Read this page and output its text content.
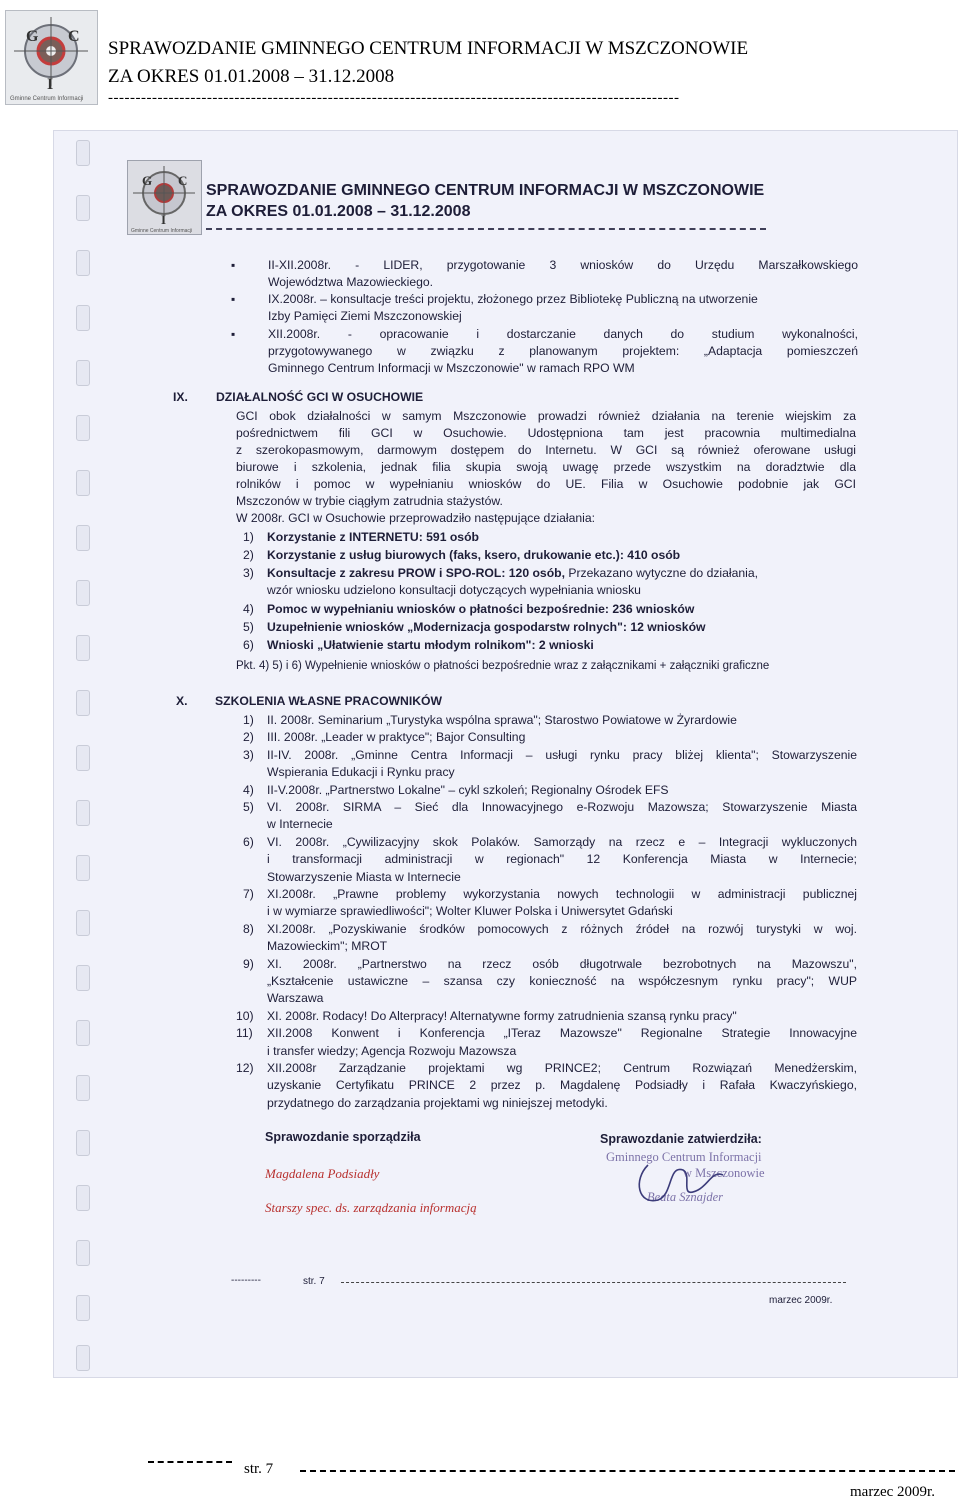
G C
I
Gminne Centrum Informacji
SPRAWOZDANIE GMINNEGO CENTRUM INFORMACJI W MSZCZONOWIE
ZA OKRES 01.01.2008 – 31.12.2008
--------------------------------------------------------------------------------------------------------
G C
I
Gminne Centrum Informacji
SPRAWOZDANIE GMINNEGO CENTRUM INFORMACJI W MSZCZONOWIE
ZA OKRES 01.01.2008 – 31.12.2008
▪	II-XII.2008r. - LIDER, przygotowanie 3 wniosków do Urzędu Marszałkowskiego
Województwa Mazowieckiego.
▪	IX.2008r. – konsultacje treści projektu, złożonego przez Bibliotekę Publiczną na utworzenie
Izby Pamięci Ziemi Mszczonowskiej
▪	XII.2008r. - opracowanie i dostarczanie danych do studium wykonalności,
przygotowywanego w związku z planowanym projektem: „Adaptacja pomieszczeń
Gminnego Centrum Informacji w Mszczonowie" w ramach RPO WM
IX. DZIAŁALNOŚĆ GCI W OSUCHOWIE
GCI obok działalności w samym Mszczonowie prowadzi również działania na terenie wiejskim za
pośrednictwem fili GCI w Osuchowie. Udostępniona tam jest pracownia multimedialna
z szerokopasmowym, darmowym dostępem do Internetu. W GCI są również oferowane usługi
biurowe i szkolenia, jednak filia skupia swoją uwagę przede wszystkim na doradztwie dla
rolników i pomoc w wypełnianiu wniosków do UE. Filia w Osuchowie podobnie jak GCI
Mszczonów w trybie ciągłym zatrudnia stażystów.
W 2008r. GCI w Osuchowie przeprowadziło następujące działania:
1) Korzystanie z INTERNETU: 591 osób
2) Korzystanie z usług biurowych (faks, ksero, drukowanie etc.): 410 osób
3) Konsultacje z zakresu PROW i SPO-ROL: 120 osób, Przekazano wytyczne do działania,
wzór wniosku udzielono konsultacji dotyczących wypełniania wniosku
4) Pomoc w wypełnianiu wniosków o płatności bezpośrednie: 236 wniosków
5) Uzupełnienie wniosków „Modernizacja gospodarstw rolnych": 12 wniosków
6) Wnioski „Ułatwienie startu młodym rolnikom": 2 wnioski
Pkt. 4) 5) i 6) Wypełnienie wniosków o płatności bezpośrednie wraz z załącznikami + załączniki graficzne
X. SZKOLENIA WŁASNE PRACOWNIKÓW
1) II. 2008r. Seminarium „Turystyka wspólna sprawa"; Starostwo Powiatowe w Żyrardowie
2) III. 2008r. „Leader w praktyce"; Bajor Consulting
3) II-IV. 2008r. „Gminne Centra Informacji – usługi rynku pracy bliżej klienta"; Stowarzyszenie
Wspierania Edukacji i Rynku pracy
4) II-V.2008r. „Partnerstwo Lokalne" – cykl szkoleń; Regionalny Ośrodek EFS
5) VI. 2008r. SIRMA – Sieć dla Innowacyjnego e-Rozwoju Mazowsza; Stowarzyszenie Miasta
w Internecie
6) VI. 2008r. „Cywilizacyjny skok Polaków. Samorządy na rzecz e – Integracji wykluczonych
i transformacji administracji w regionach" 12 Konferencja Miasta w Internecie;
Stowarzyszenie Miasta w Internecie
7) XI.2008r. „Prawne problemy wykorzystania nowych technologii w administracji publicznej
i w wymiarze sprawiedliwości"; Wolter Kluwer Polska i Uniwersytet Gdański
8) XI.2008r. „Pozyskiwanie środków pomocowych z różnych źródeł na rozwój turystyki w woj.
Mazowieckim"; MROT
9) XI. 2008r. „Partnerstwo na rzecz osób długotrwale bezrobotnych na Mazowszu",
„Kształcenie ustawiczne – szansa czy konieczność na współczesnym rynku pracy"; WUP
Warszawa
10) XI. 2008r. Rodacy! Do Alterpracy! Alternatywne formy zatrudnienia szansą rynku pracy"
11) XII.2008 Konwent i Konferencja „ITeraz Mazowsze" Regionalne Strategie Innowacyjne
i transfer wiedzy; Agencja Rozwoju Mazowsza
12) XII.2008r Zarządzanie projektami wg PRINCE2; Centrum Rozwiązań Menedżerskim,
uzyskanie Certyfikatu PRINCE 2 przez p. Magdalenę Podsiadły i Rafała Kwaczyńskiego,
przydatnego do zarządzania projektami wg niniejszej metodyki.
Sprawozdanie sporządziła
Magdalena Podsiadły
Starszy spec. ds. zarządzania informacją
Sprawozdanie zatwierdziła:
Gminnego Centrum Informacji
w Mszczonowie
Beata Sznajder
---------	str. 7
marzec 2009r.
str. 7
marzec 2009r.
